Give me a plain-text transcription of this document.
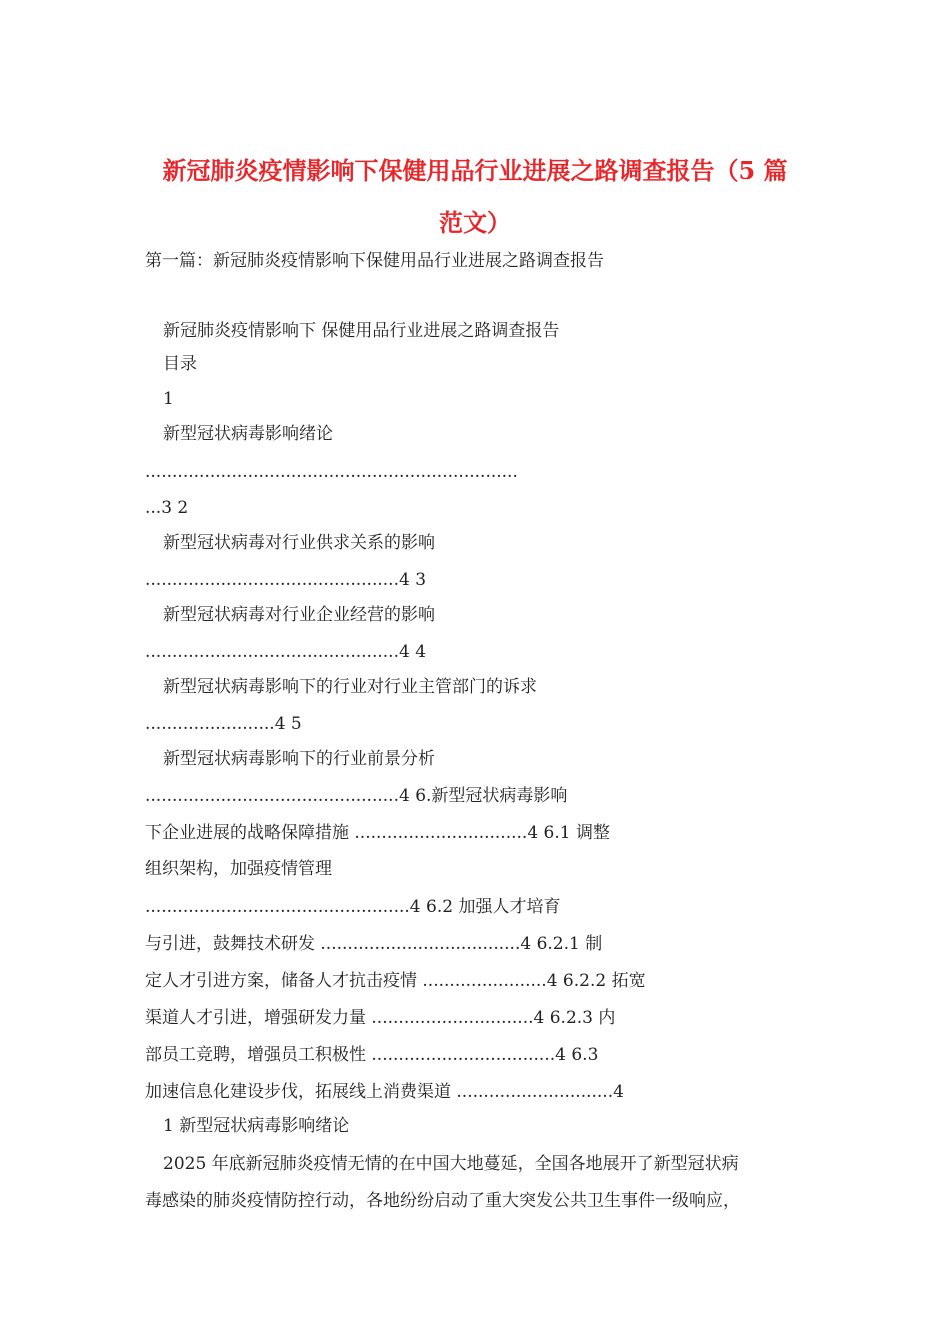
新冠肺炎疫情影响下保健用品行业进展之路调查报告（5 篇
范文）
第一篇：新冠肺炎疫情影响下保健用品行业进展之路调查报告
新冠肺炎疫情影响下 保健用品行业进展之路调查报告
目录
1
新型冠状病毒影响绪论
.....................................................................
...3 2
新型冠状病毒对行业供求关系的影响
...............................................4 3
新型冠状病毒对行业企业经营的影响
...............................................4 4
新型冠状病毒影响下的行业对行业主管部门的诉求
........................4 5
新型冠状病毒影响下的行业前景分析
...............................................4 6.新型冠状病毒影响
下企业进展的战略保障措施 ................................4 6.1 调整
组织架构，加强疫情管理
.................................................4 6.2 加强人才培育
与引进，鼓舞技术研发 .....................................4 6.2.1 制
定人才引进方案，储备人才抗击疫情 .......................4 6.2.2 拓宽
渠道人才引进，增强研发力量 ..............................4 6.2.3 内
部员工竞聘，增强员工积极性 ..................................4 6.3
加速信息化建设步伐，拓展线上消费渠道 .............................4
1 新型冠状病毒影响绪论
2025 年底新冠肺炎疫情无情的在中国大地蔓延，全国各地展开了新型冠状病
毒感染的肺炎疫情防控行动，各地纷纷启动了重大突发公共卫生事件一级响应，
